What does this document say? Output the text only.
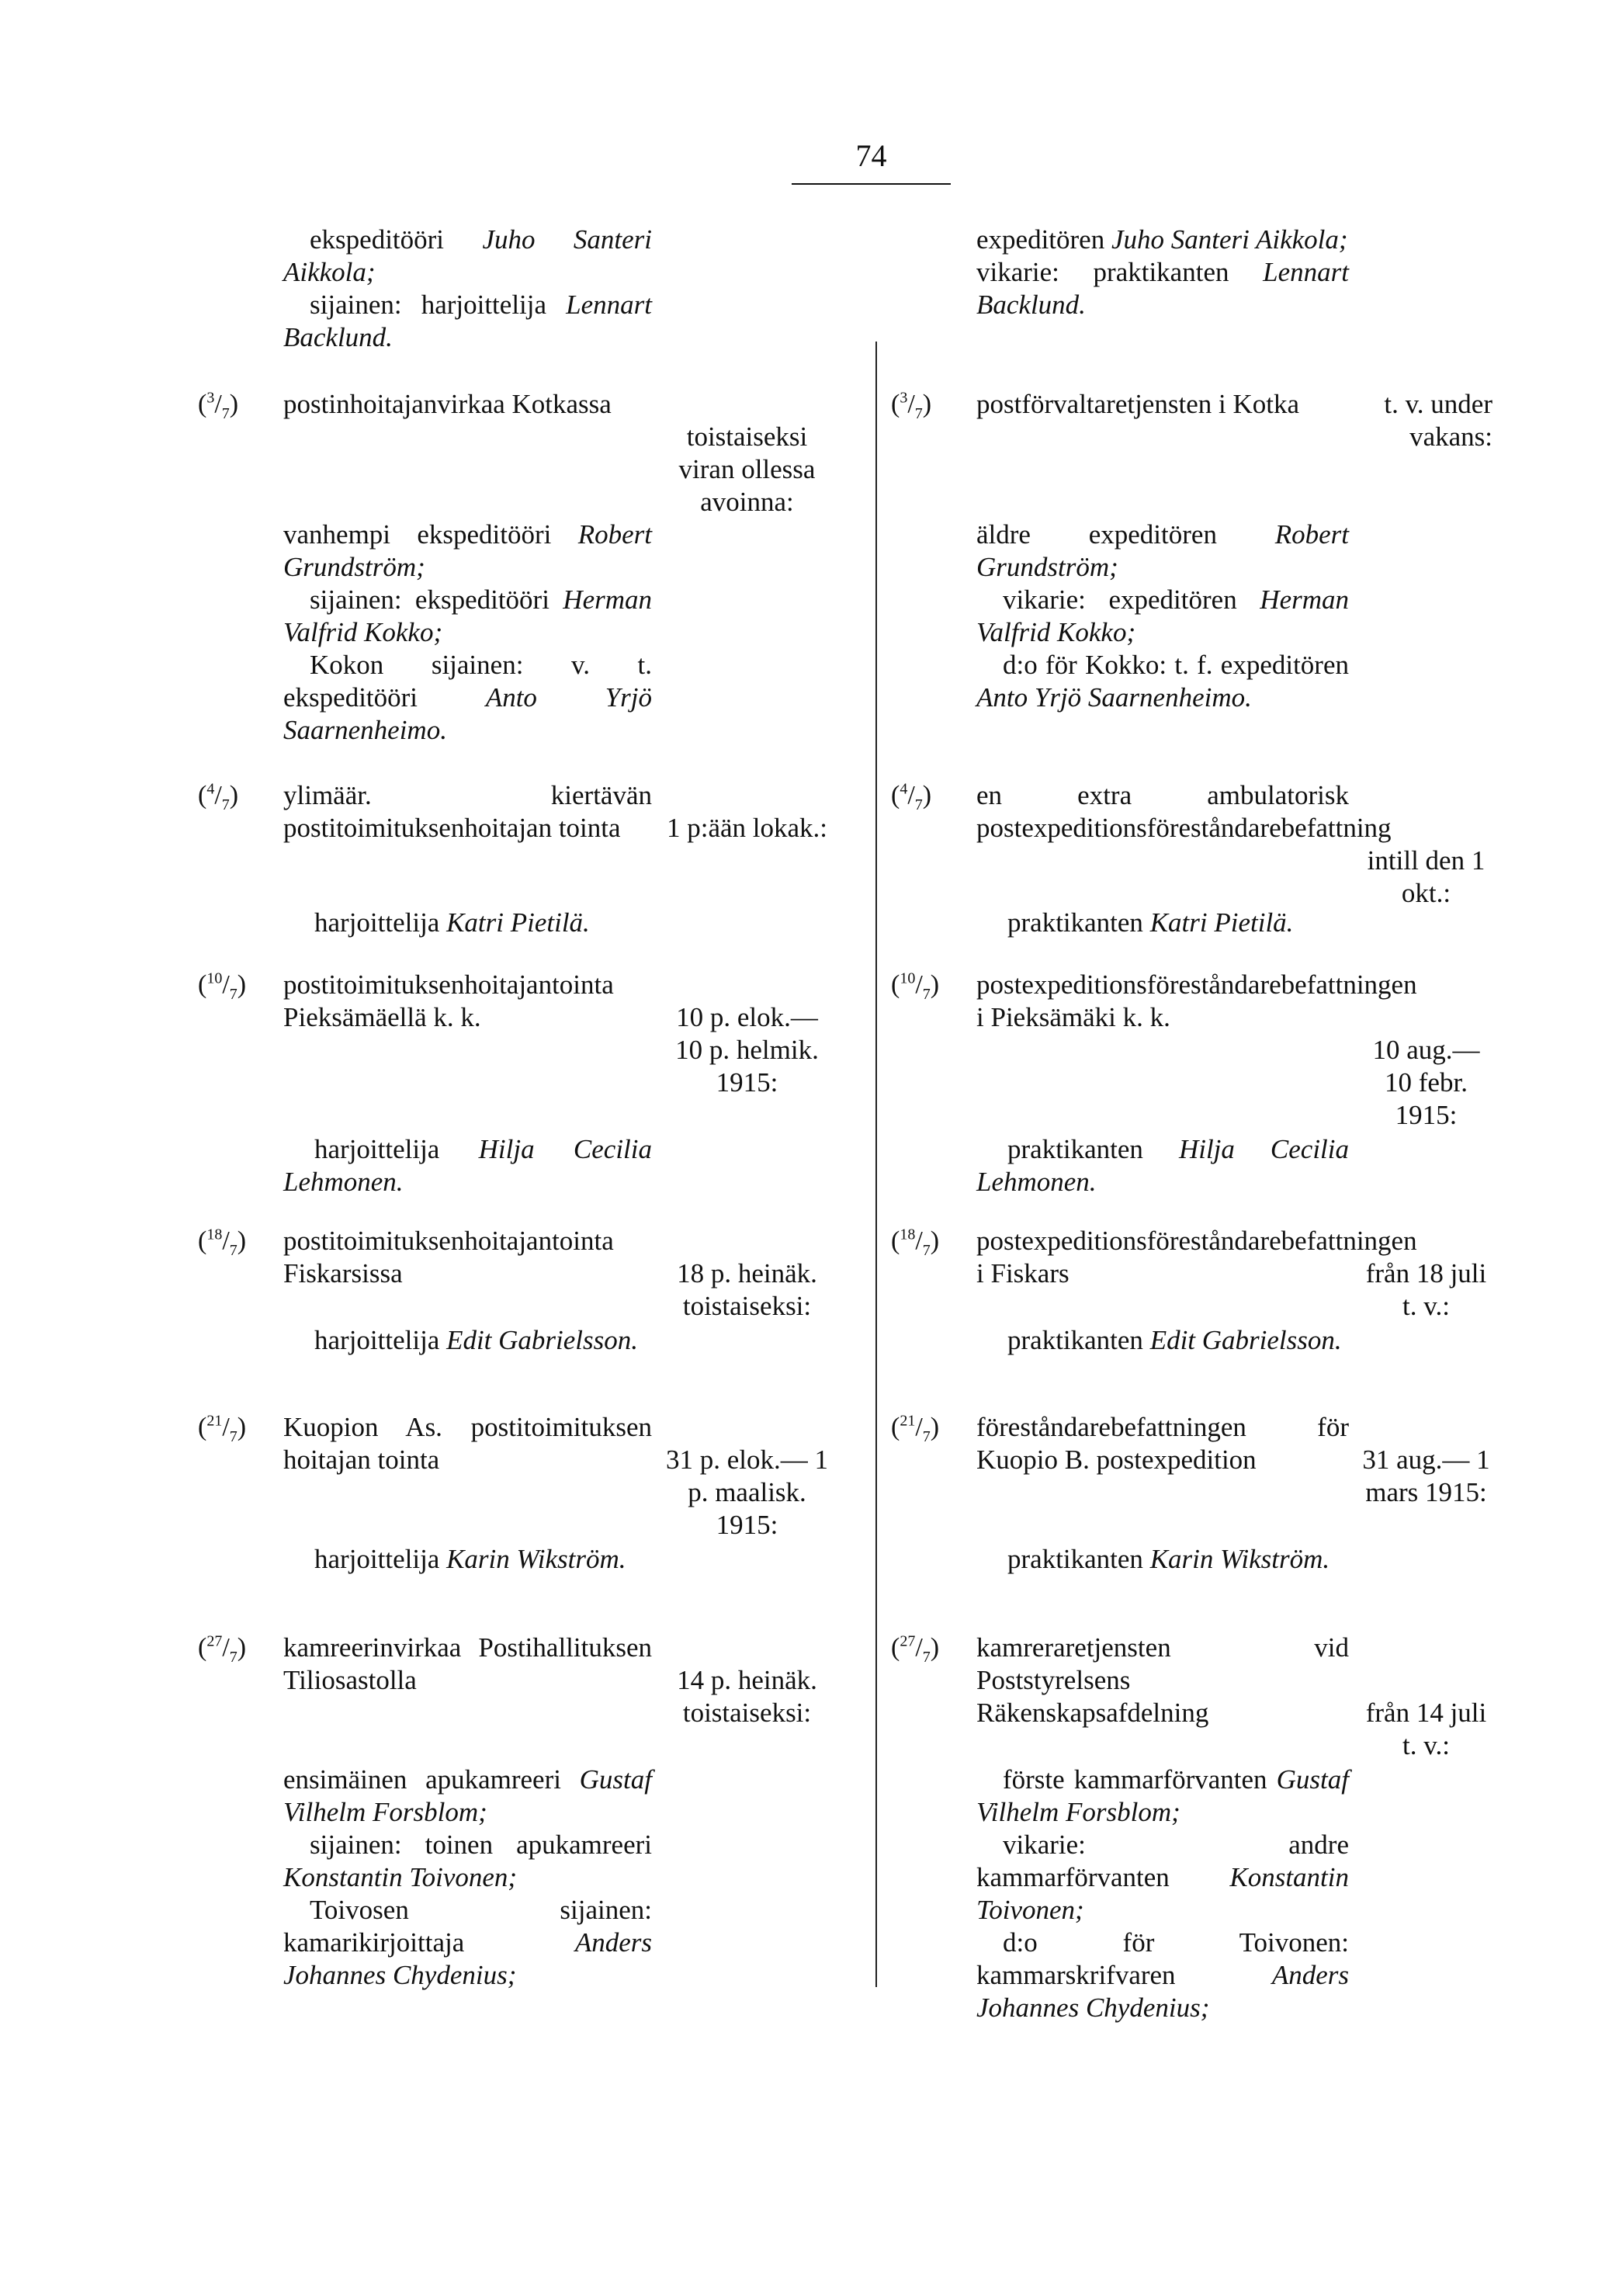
74
ekspeditööri Juho Santeri Aikkola;
sijainen: harjoittelija Lennart Backlund.
expeditören Juho Santeri Aikkola;
vikarie: praktikanten Lennart Backlund.
$(^3/_7)$ postinhoitajanvirkaa Kotkassa
toistaiseksi viran ollessa avoinna:
vanhempi ekspeditööri Robert Grundström;
sijainen: ekspeditööri Herman Valfrid Kokko;
Kokon sijainen: v. t. ekspeditööri	Anto Yrjö Saarnenheimo.
$(^3/_7)$ postförvaltaretjensten i Kotka	t. v. under vakans:
äldre expeditören Robert Grundström;
vikarie: expeditören Herman Valfrid Kokko;
d:o för Kokko: t. f. expeditören Anto Yrjö Saarnenheimo.
$(^4/_7)$ ylimäär. kiertävän postitoimituksenhoitajan tointa	1 p:ään lokak.:
harjoittelija Katri Pietilä.
$(^4/_7)$ en extra ambulatorisk postexpeditionsföreståndarebefattning
intill den 1 okt.:
praktikanten Katri Pietilä.
$(^{10}/_7)$ postitoimituksenhoitajantointa Pieksämäellä k. k.	10 p. elok.— 10 p. helmik. 1915:
harjoittelija Hilja Cecilia Lehmonen.
$(^{10}/_7)$ postexpeditionsföreståndarebefattningen i Pieksämäki k. k.
10 aug.— 10 febr. 1915:
praktikanten Hilja Cecilia Lehmonen.
$(^{18}/_7)$ postitoimituksenhoitajantointa Fiskarsissa	18 p. heinäk. toistaiseksi:
harjoittelija Edit Gabrielsson.
$(^{18}/_7)$ postexpeditionsföreståndarebefattningen i Fiskars	från 18 juli t. v.:
praktikanten Edit Gabrielsson.
$(^{21}/_7)$ Kuopion As. postitoimituksen hoitajan tointa	31 p. elok.— 1 p. maalisk. 1915:
harjoittelija Karin Wikström.
$(^{21}/_7)$ föreståndarebefattningen för Kuopio B. postexpedition	31 aug.— 1 mars 1915:
praktikanten Karin Wikström.
$(^{27}/_7)$ kamreerinvirkaa Postihallituksen Tiliosastolla	14 p. heinäk. toistaiseksi:
ensimäinen apukamreeri Gustaf Vilhelm Forsblom;
sijainen: toinen apukamreeri Konstantin Toivonen;
Toivosen sijainen: kamarikirjoittaja	Anders Johannes Chydenius;
$(^{27}/_7)$ kamreraretjensten vid Poststyrelsens Räkenskapsafdelning	från 14 juli t. v.:
förste kammarförvanten Gustaf Vilhelm Forsblom;
vikarie: andre kammarförvanten Konstantin Toivonen;
d:o för Toivonen: kammarskrifvaren	Anders Johannes Chydenius;
